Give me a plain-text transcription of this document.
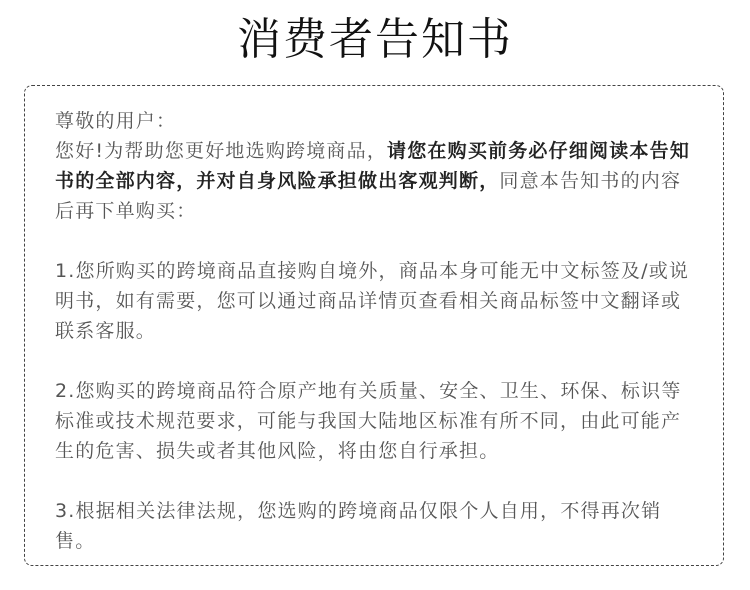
消费者告知书

尊敬的用户：

您好!为帮助您更好地选购跨境商品，请您在购买前务必仔细阅读本告知书的全部内容，并对自身风险承担做出客观判断，同意本告知书的内容后再下单购买：

1.您所购买的跨境商品直接购自境外，商品本身可能无中文标签及/或说明书，如有需要，您可以通过商品详情页查看相关商品标签中文翻译或联系客服。

2.您购买的跨境商品符合原产地有关质量、安全、卫生、环保、标识等标准或技术规范要求，可能与我国大陆地区标准有所不同，由此可能产生的危害、损失或者其他风险，将由您自行承担。

3.根据相关法律法规，您选购的跨境商品仅限个人自用，不得再次销售。
